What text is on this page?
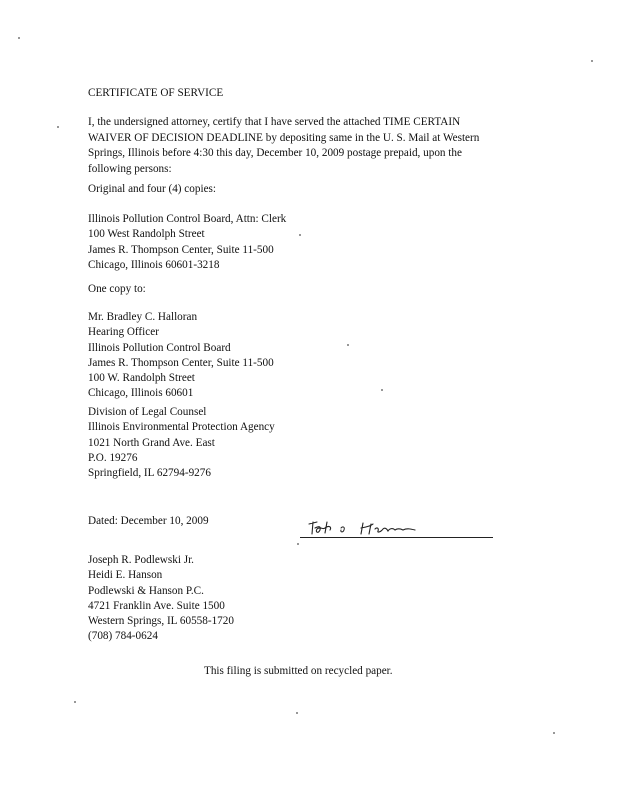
CERTIFICATE OF SERVICE
I, the undersigned attorney, certify that I have served the attached TIME CERTAIN
WAIVER OF DECISION DEADLINE by depositing same in the U. S. Mail at Western
Springs, Illinois before 4:30 this day, December 10, 2009 postage prepaid, upon the
following persons:
Original and four (4) copies:
Illinois Pollution Control Board, Attn: Clerk
100 West Randolph Street
James R. Thompson Center, Suite 11-500
Chicago, Illinois 60601-3218
One copy to:
Mr. Bradley C. Halloran
Hearing Officer
Illinois Pollution Control Board
James R. Thompson Center, Suite 11-500
100 W. Randolph Street
Chicago, Illinois 60601
Division of Legal Counsel
Illinois Environmental Protection Agency
1021 North Grand Ave. East
P.O. 19276
Springfield, IL 62794-9276
Dated: December 10, 2009
Joseph R. Podlewski Jr.
Heidi E. Hanson
Podlewski & Hanson P.C.
4721 Franklin Ave. Suite 1500
Western Springs, IL 60558-1720
(708) 784-0624
This filing is submitted on recycled paper.
